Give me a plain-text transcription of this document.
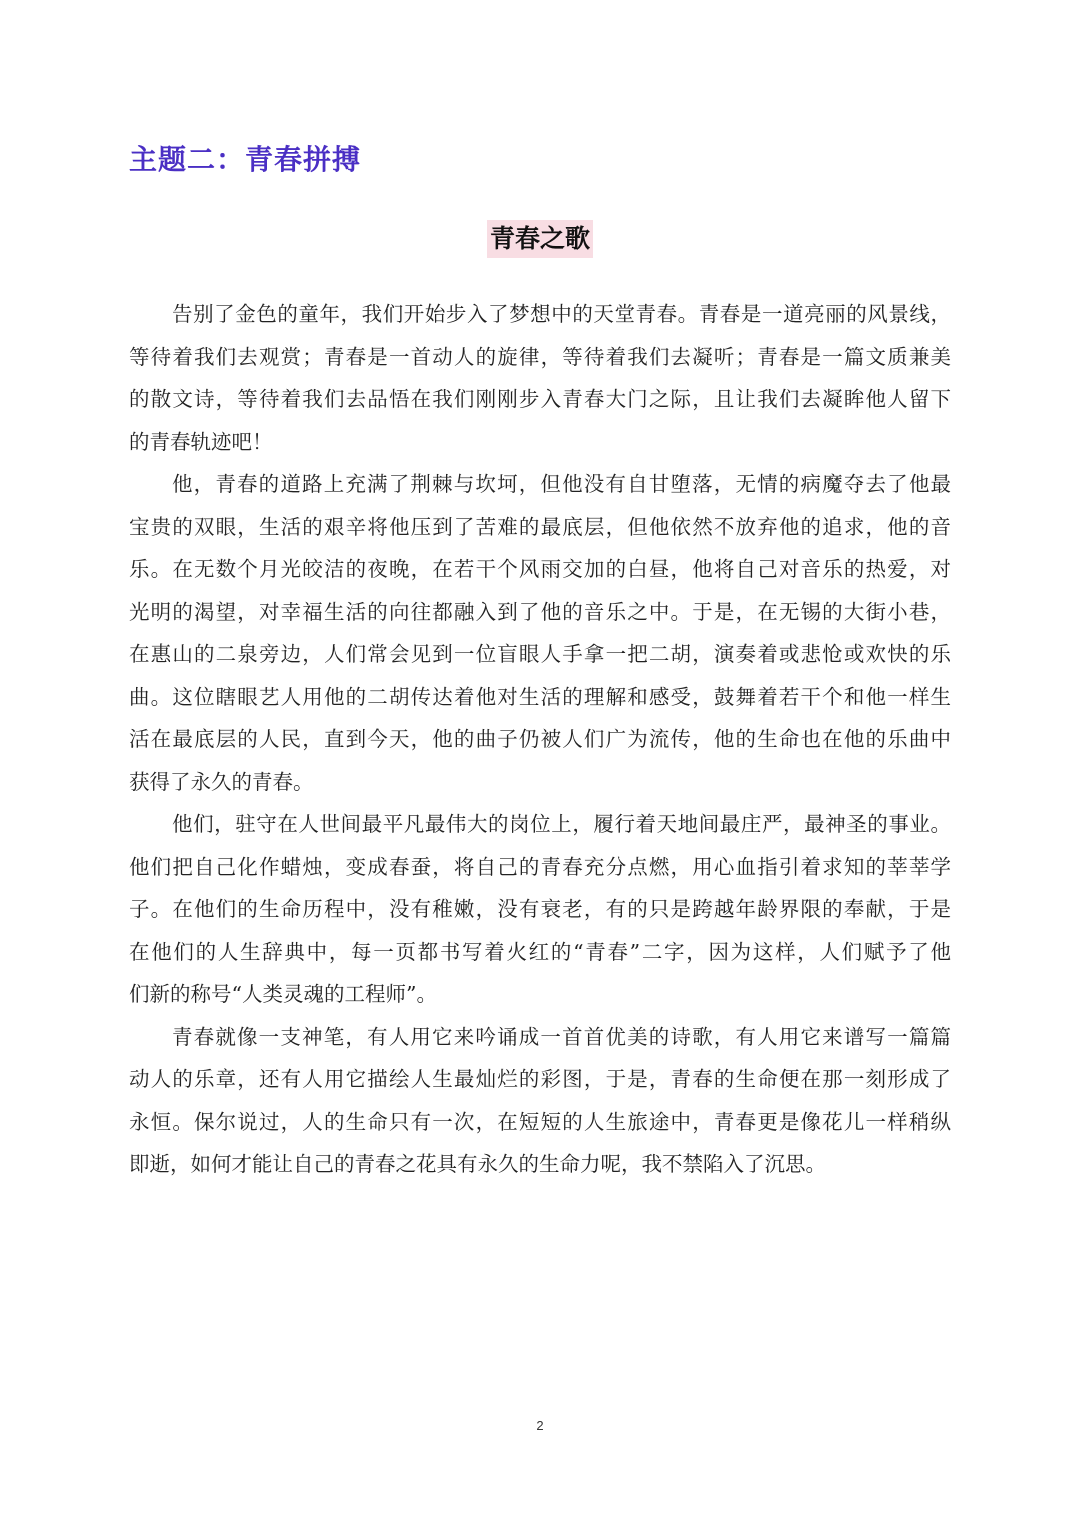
主题二：青春拼搏
青春之歌
告别了金色的童年，我们开始步入了梦想中的天堂青春。青春是一道亮丽的风景线，
等待着我们去观赏；青春是一首动人的旋律，等待着我们去凝听；青春是一篇文质兼美
的散文诗，等待着我们去品悟在我们刚刚步入青春大门之际，且让我们去凝眸他人留下
的青春轨迹吧！
他，青春的道路上充满了荆棘与坎坷，但他没有自甘堕落，无情的病魔夺去了他最
宝贵的双眼，生活的艰辛将他压到了苦难的最底层，但他依然不放弃他的追求，他的音
乐。在无数个月光皎洁的夜晚，在若干个风雨交加的白昼，他将自己对音乐的热爱，对
光明的渴望，对幸福生活的向往都融入到了他的音乐之中。于是，在无锡的大街小巷，
在惠山的二泉旁边，人们常会见到一位盲眼人手拿一把二胡，演奏着或悲怆或欢快的乐
曲。这位瞎眼艺人用他的二胡传达着他对生活的理解和感受，鼓舞着若干个和他一样生
活在最底层的人民，直到今天，他的曲子仍被人们广为流传，他的生命也在他的乐曲中
获得了永久的青春。
他们，驻守在人世间最平凡最伟大的岗位上，履行着天地间最庄严，最神圣的事业。
他们把自己化作蜡烛，变成春蚕，将自己的青春充分点燃，用心血指引着求知的莘莘学
子。在他们的生命历程中，没有稚嫩，没有衰老，有的只是跨越年龄界限的奉献，于是
在他们的人生辞典中，每一页都书写着火红的“青春”二字，因为这样，人们赋予了他
们新的称号“人类灵魂的工程师”。
青春就像一支神笔，有人用它来吟诵成一首首优美的诗歌，有人用它来谱写一篇篇
动人的乐章，还有人用它描绘人生最灿烂的彩图，于是，青春的生命便在那一刻形成了
永恒。保尔说过，人的生命只有一次，在短短的人生旅途中，青春更是像花儿一样稍纵
即逝，如何才能让自己的青春之花具有永久的生命力呢，我不禁陷入了沉思。
2
